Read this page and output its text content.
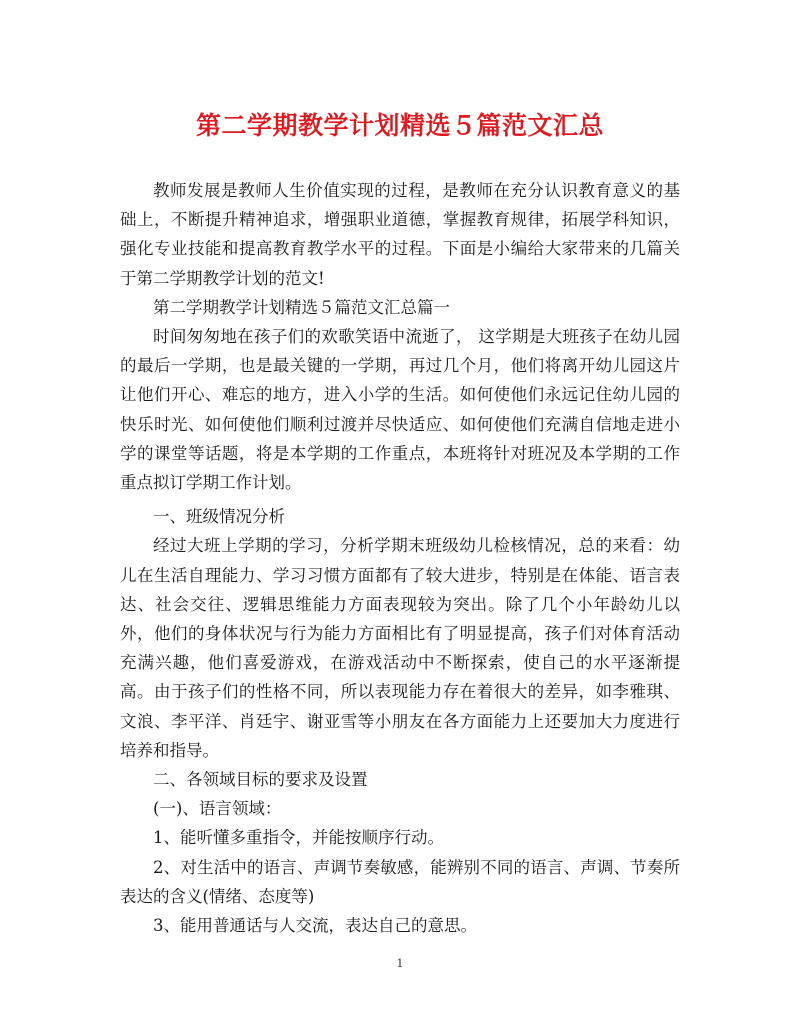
第二学期教学计划精选５篇范文汇总

教师发展是教师人生价值实现的过程，是教师在充分认识教育意义的基础上，不断提升精神追求，增强职业道德，掌握教育规律，拓展学科知识，强化专业技能和提高教育教学水平的过程。下面是小编给大家带来的几篇关于第二学期教学计划的范文!

第二学期教学计划精选５篇范文汇总篇一

时间匆匆地在孩子们的欢歌笑语中流逝了， 这学期是大班孩子在幼儿园的最后一学期，也是最关键的一学期，再过几个月，他们将离开幼儿园这片让他们开心、难忘的地方，进入小学的生活。如何使他们永远记住幼儿园的快乐时光、如何使他们顺利过渡并尽快适应、如何使他们充满自信地走进小学的课堂等话题，将是本学期的工作重点，本班将针对班况及本学期的工作重点拟订学期工作计划。

一、班级情况分析

经过大班上学期的学习，分析学期末班级幼儿检核情况，总的来看：幼儿在生活自理能力、学习习惯方面都有了较大进步，特别是在体能、语言表达、社会交往、逻辑思维能力方面表现较为突出。除了几个小年龄幼儿以外，他们的身体状况与行为能力方面相比有了明显提高，孩子们对体育活动充满兴趣，他们喜爱游戏，在游戏活动中不断探索，使自己的水平逐渐提高。由于孩子们的性格不同，所以表现能力存在着很大的差异，如李雅琪、文浪、李平洋、肖廷宇、谢亚雪等小朋友在各方面能力上还要加大力度进行培养和指导。

二、各领域目标的要求及设置

(一)、语言领域：

1、能听懂多重指令，并能按顺序行动。

2、对生活中的语言、声调节奏敏感，能辨别不同的语言、声调、节奏所表达的含义(情绪、态度等)

3、能用普通话与人交流，表达自己的意思。

1
